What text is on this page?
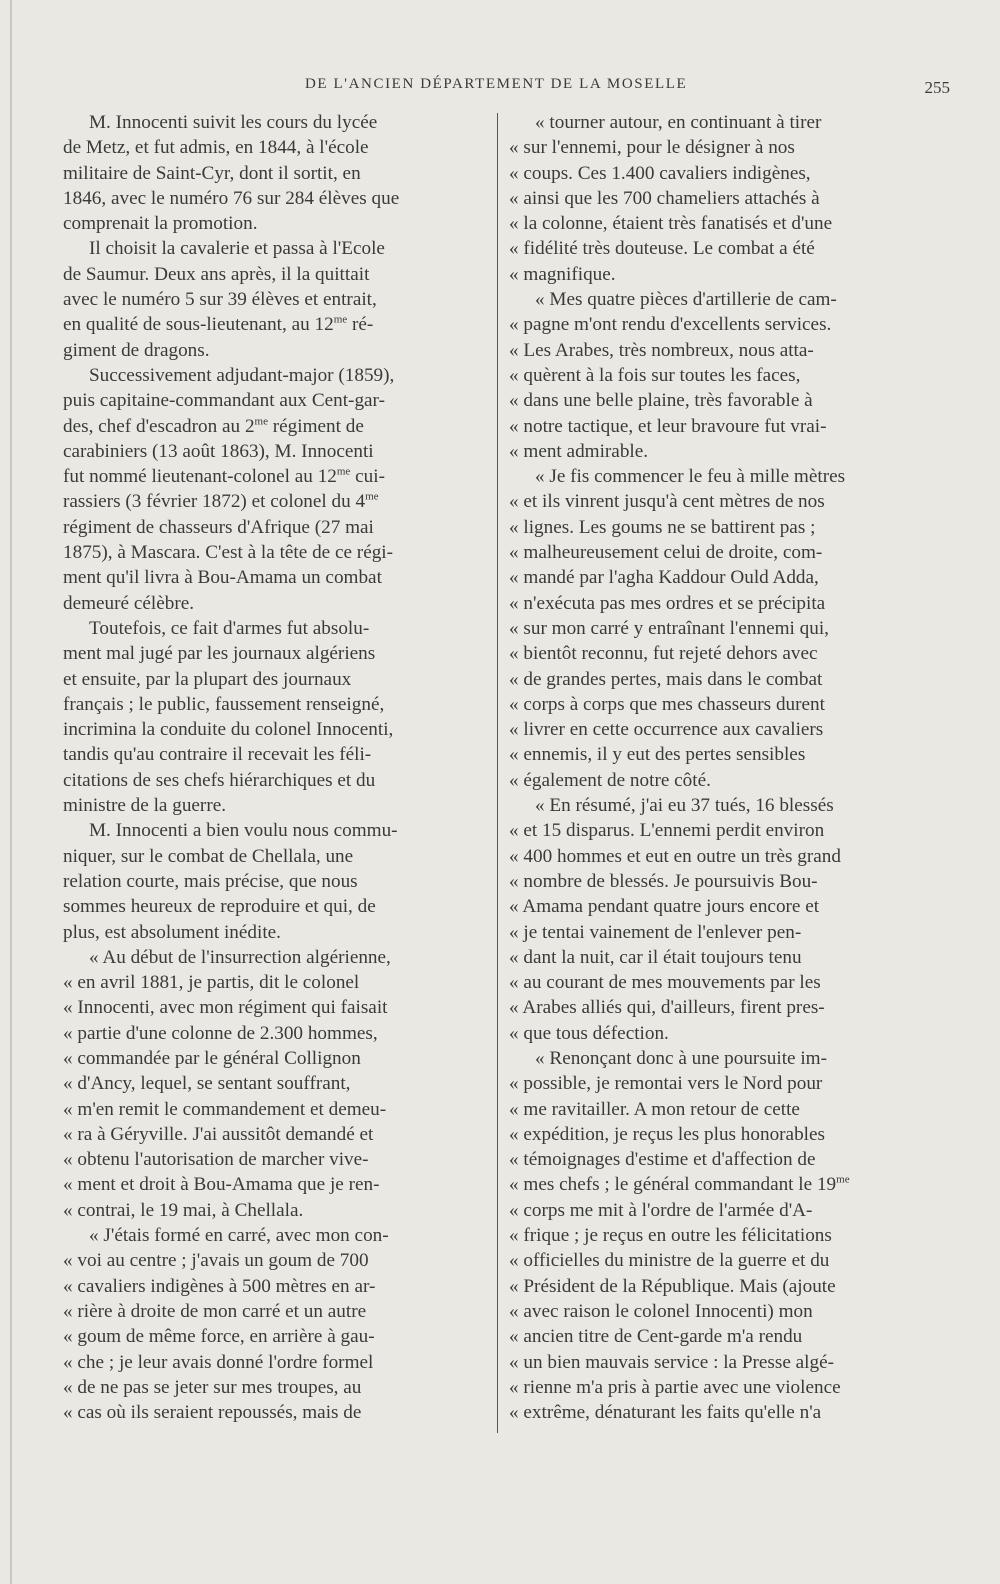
DE L'ANCIEN DÉPARTEMENT DE LA MOSELLE	255
M. Innocenti suivit les cours du lycée
de Metz, et fut admis, en 1844, à l'école
militaire de Saint-Cyr, dont il sortit, en
1846, avec le numéro 76 sur 284 élèves que
comprenait la promotion.
Il choisit la cavalerie et passa à l'Ecole
de Saumur. Deux ans après, il la quittait
avec le numéro 5 sur 39 élèves et entrait,
en qualité de sous-lieutenant, au $12^{me}$ ré-
giment de dragons.
Successivement adjudant-major (1859),
puis capitaine-commandant aux Cent-gar-
des, chef d'escadron au $2^{me}$ régiment de
carabiniers (13 août 1863), M. Innocenti
fut nommé lieutenant-colonel au $12^{me}$ cui-
rassiers (3 février 1872) et colonel du $4^{me}$
régiment de chasseurs d'Afrique (27 mai
1875), à Mascara. C'est à la tête de ce régi-
ment qu'il livra à Bou-Amama un combat
demeuré célèbre.
Toutefois, ce fait d'armes fut absolu-
ment mal jugé par les journaux algériens
et ensuite, par la plupart des journaux
français ; le public, faussement renseigné,
incrimina la conduite du colonel Innocenti,
tandis qu'au contraire il recevait les féli-
citations de ses chefs hiérarchiques et du
ministre de la guerre.
M. Innocenti a bien voulu nous commu-
niquer, sur le combat de Chellala, une
relation courte, mais précise, que nous
sommes heureux de reproduire et qui, de
plus, est absolument inédite.
« Au début de l'insurrection algérienne,
« en avril 1881, je partis, dit le colonel
« Innocenti, avec mon régiment qui faisait
« partie d'une colonne de 2.300 hommes,
« commandée par le général Collignon
« d'Ancy, lequel, se sentant souffrant,
« m'en remit le commandement et demeu-
« ra à Géryville. J'ai aussitôt demandé et
« obtenu l'autorisation de marcher vive-
« ment et droit à Bou-Amama que je ren-
« contrai, le 19 mai, à Chellala.
« J'étais formé en carré, avec mon con-
« voi au centre ; j'avais un goum de 700
« cavaliers indigènes à 500 mètres en ar-
« rière à droite de mon carré et un autre
« goum de même force, en arrière à gau-
« che ; je leur avais donné l'ordre formel
« de ne pas se jeter sur mes troupes, au
« cas où ils seraient repoussés, mais de
« tourner autour, en continuant à tirer
« sur l'ennemi, pour le désigner à nos
« coups. Ces 1.400 cavaliers indigènes,
« ainsi que les 700 chameliers attachés à
« la colonne, étaient très fanatisés et d'une
« fidélité très douteuse. Le combat a été
« magnifique.
« Mes quatre pièces d'artillerie de cam-
« pagne m'ont rendu d'excellents services.
« Les Arabes, très nombreux, nous atta-
« quèrent à la fois sur toutes les faces,
« dans une belle plaine, très favorable à
« notre tactique, et leur bravoure fut vrai-
« ment admirable.
« Je fis commencer le feu à mille mètres
« et ils vinrent jusqu'à cent mètres de nos
« lignes. Les goums ne se battirent pas ;
« malheureusement celui de droite, com-
« mandé par l'agha Kaddour Ould Adda,
« n'exécuta pas mes ordres et se précipita
« sur mon carré y entraînant l'ennemi qui,
« bientôt reconnu, fut rejeté dehors avec
« de grandes pertes, mais dans le combat
« corps à corps que mes chasseurs durent
« livrer en cette occurrence aux cavaliers
« ennemis, il y eut des pertes sensibles
« également de notre côté.
« En résumé, j'ai eu 37 tués, 16 blessés
« et 15 disparus. L'ennemi perdit environ
« 400 hommes et eut en outre un très grand
« nombre de blessés. Je poursuivis Bou-
« Amama pendant quatre jours encore et
« je tentai vainement de l'enlever pen-
« dant la nuit, car il était toujours tenu
« au courant de mes mouvements par les
« Arabes alliés qui, d'ailleurs, firent pres-
« que tous défection.
« Renonçant donc à une poursuite im-
« possible, je remontai vers le Nord pour
« me ravitailler. A mon retour de cette
« expédition, je reçus les plus honorables
« témoignages d'estime et d'affection de
« mes chefs ; le général commandant le $19^{me}$
« corps me mit à l'ordre de l'armée d'A-
« frique ; je reçus en outre les félicitations
« officielles du ministre de la guerre et du
« Président de la République. Mais (ajoute
« avec raison le colonel Innocenti) mon
« ancien titre de Cent-garde m'a rendu
« un bien mauvais service : la Presse algé-
« rienne m'a pris à partie avec une violence
« extrême, dénaturant les faits qu'elle n'a
